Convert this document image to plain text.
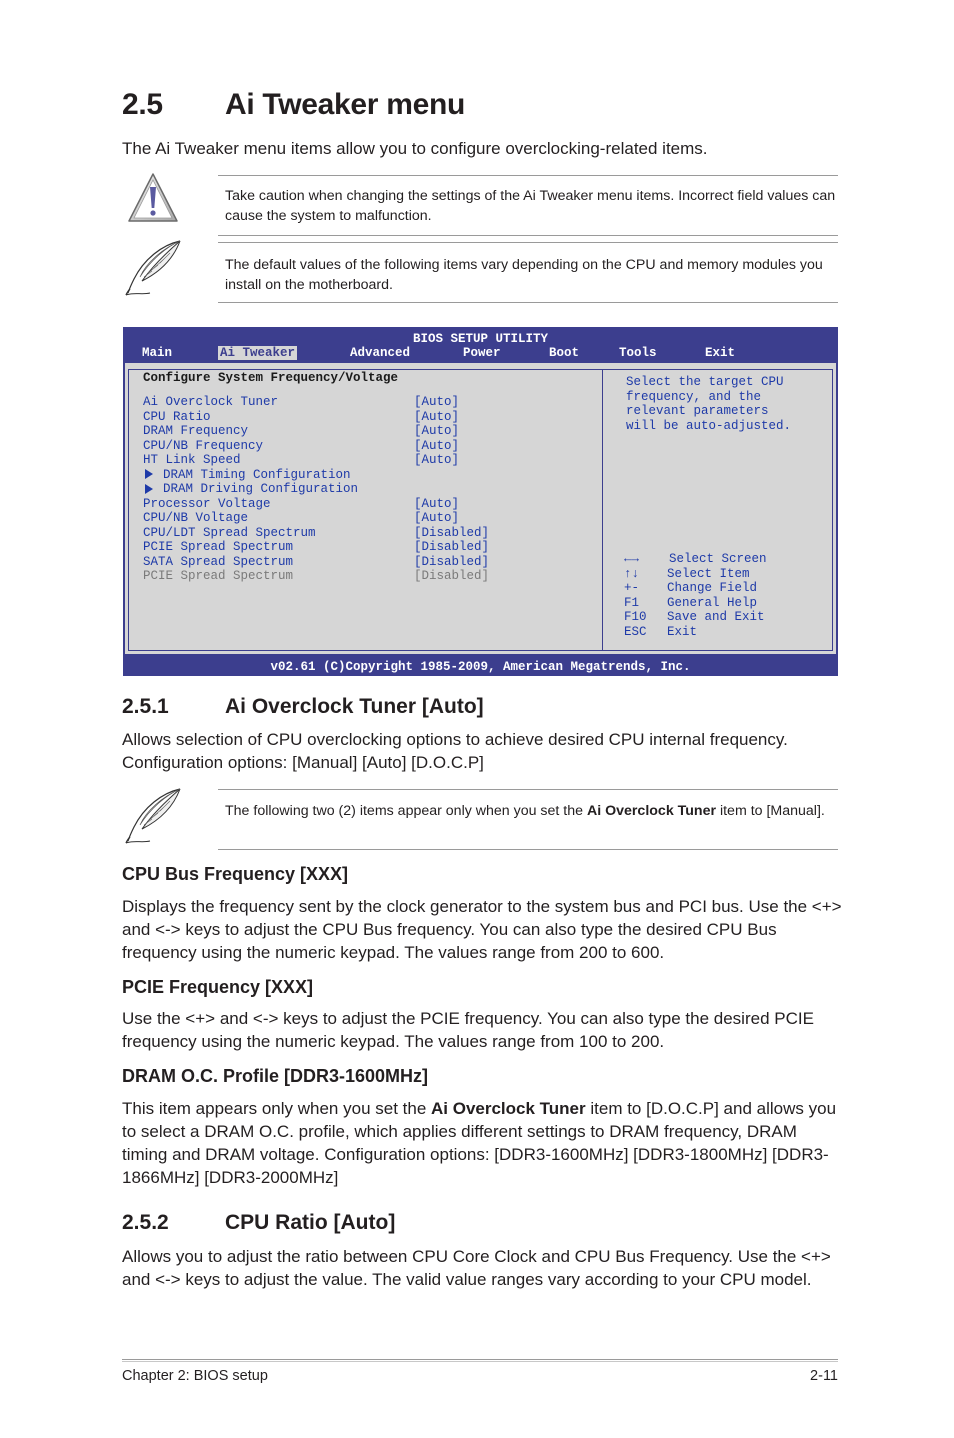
2.5 Ai Tweaker menu
The Ai Tweaker menu items allow you to configure overclocking-related items.
Take caution when changing the settings of the Ai Tweaker menu items. Incorrect field values can cause the system to malfunction.
The default values of the following items vary depending on the CPU and memory modules you install on the motherboard.
BIOS SETUP UTILITY
Main	Ai Tweaker	Advanced	Power	Boot	Tools	Exit
Configure System Frequency/Voltage
Ai Overclock Tuner	[Auto]
CPU Ratio	[Auto]
DRAM Frequency	[Auto]
CPU/NB Frequency	[Auto]
HT Link Speed	[Auto]
DRAM Timing Configuration
DRAM Driving Configuration
Processor Voltage	[Auto]
CPU/NB Voltage	[Auto]
CPU/LDT Spread Spectrum	[Disabled]
PCIE Spread Spectrum	[Disabled]
SATA Spread Spectrum	[Disabled]
PCIE Spread Spectrum	[Disabled]
Select the target CPU
frequency, and the
relevant parameters
will be auto-adjusted.
←→ Select Screen
↑↓ Select Item
+- Change Field
F1 General Help
F10 Save and Exit
ESC Exit
v02.61 (C)Copyright 1985-2009, American Megatrends, Inc.
2.5.1	Ai Overclock Tuner [Auto]
Allows selection of CPU overclocking options to achieve desired CPU internal frequency. Configuration options: [Manual] [Auto] [D.O.C.P]
The following two (2) items appear only when you set the Ai Overclock Tuner item to [Manual].
CPU Bus Frequency [XXX]
Displays the frequency sent by the clock generator to the system bus and PCI bus. Use the <+> and <-> keys to adjust the CPU Bus frequency. You can also type the desired CPU Bus frequency using the numeric keypad. The values range from 200 to 600.
PCIE Frequency [XXX]
Use the <+> and <-> keys to adjust the PCIE frequency. You can also type the desired PCIE frequency using the numeric keypad. The values range from 100 to 200.
DRAM O.C. Profile [DDR3-1600MHz]
This item appears only when you set the Ai Overclock Tuner item to [D.O.C.P] and allows you to select a DRAM O.C. profile, which applies different settings to DRAM frequency, DRAM timing and DRAM voltage. Configuration options: [DDR3-1600MHz] [DDR3-1800MHz] [DDR3-1866MHz] [DDR3-2000MHz]
2.5.2	CPU Ratio [Auto]
Allows you to adjust the ratio between CPU Core Clock and CPU Bus Frequency. Use the <+> and <-> keys to adjust the value. The valid value ranges vary according to your CPU model.
Chapter 2: BIOS setup	2-11
